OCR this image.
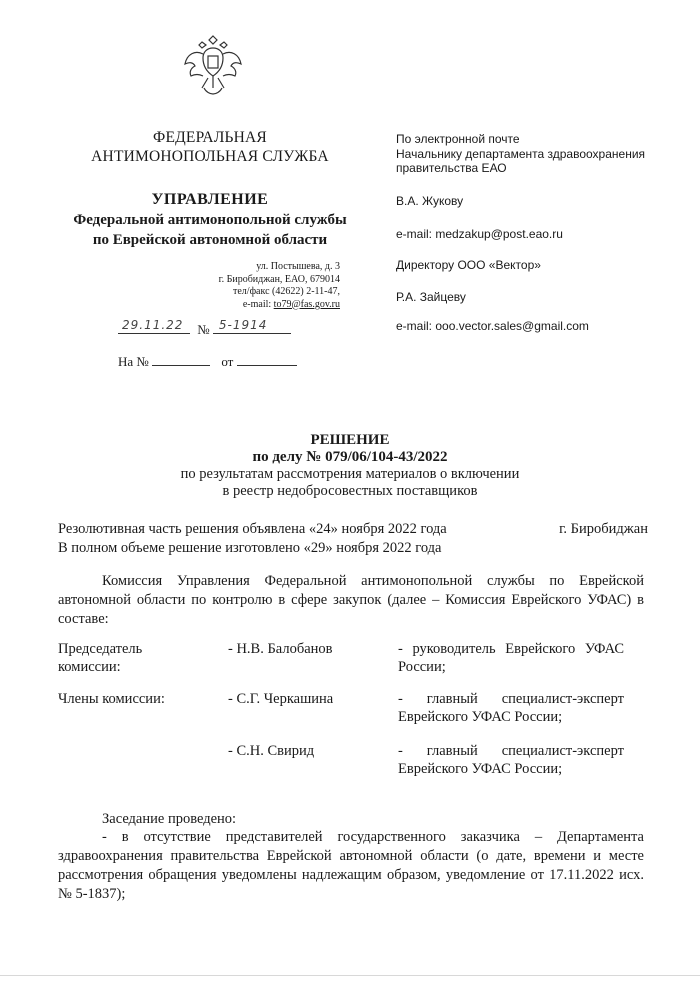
ФЕДЕРАЛЬНАЯ
АНТИМОНОПОЛЬНАЯ СЛУЖБА
УПРАВЛЕНИЕ
Федеральной антимонопольной службы
по Еврейской автономной области
ул. Постышева, д. 3
г. Биробиджан, ЕАО, 679014
тел/факс (42622) 2-11-47,
e-mail: to79@fas.gov.ru
29.11.22 № 5-1914
На №	от
По электронной почте
Начальнику департамента здравоохранения
правительства ЕАО
В.А. Жукову
e-mail: medzakup@post.eao.ru
Директору ООО «Вектор»
Р.А. Зайцеву
e-mail: ooo.vector.sales@gmail.com
РЕШЕНИЕ
по делу № 079/06/104-43/2022
по результатам рассмотрения материалов о включении
в реестр недобросовестных поставщиков
Резолютивная часть решения объявлена «24» ноября 2022 года	г. Биробиджан
В полном объеме решение изготовлено «29» ноября 2022 года
Комиссия Управления Федеральной антимонопольной службы по Еврейской автономной области по контролю в сфере закупок (далее – Комиссия Еврейского УФАС) в составе:
Председатель комиссии:
- Н.В. Балобанов	- руководитель Еврейского УФАС России;
Члены комиссии:	- С.Г. Черкашина	- главный специалист-эксперт Еврейского УФАС России;
- С.Н. Свирид	- главный специалист-эксперт Еврейского УФАС России;
Заседание проведено:
- в отсутствие представителей государственного заказчика – Департамента здравоохранения правительства Еврейской автономной области (о дате, времени и месте рассмотрения обращения уведомлены надлежащим образом, уведомление от 17.11.2022 исх. № 5-1837);
